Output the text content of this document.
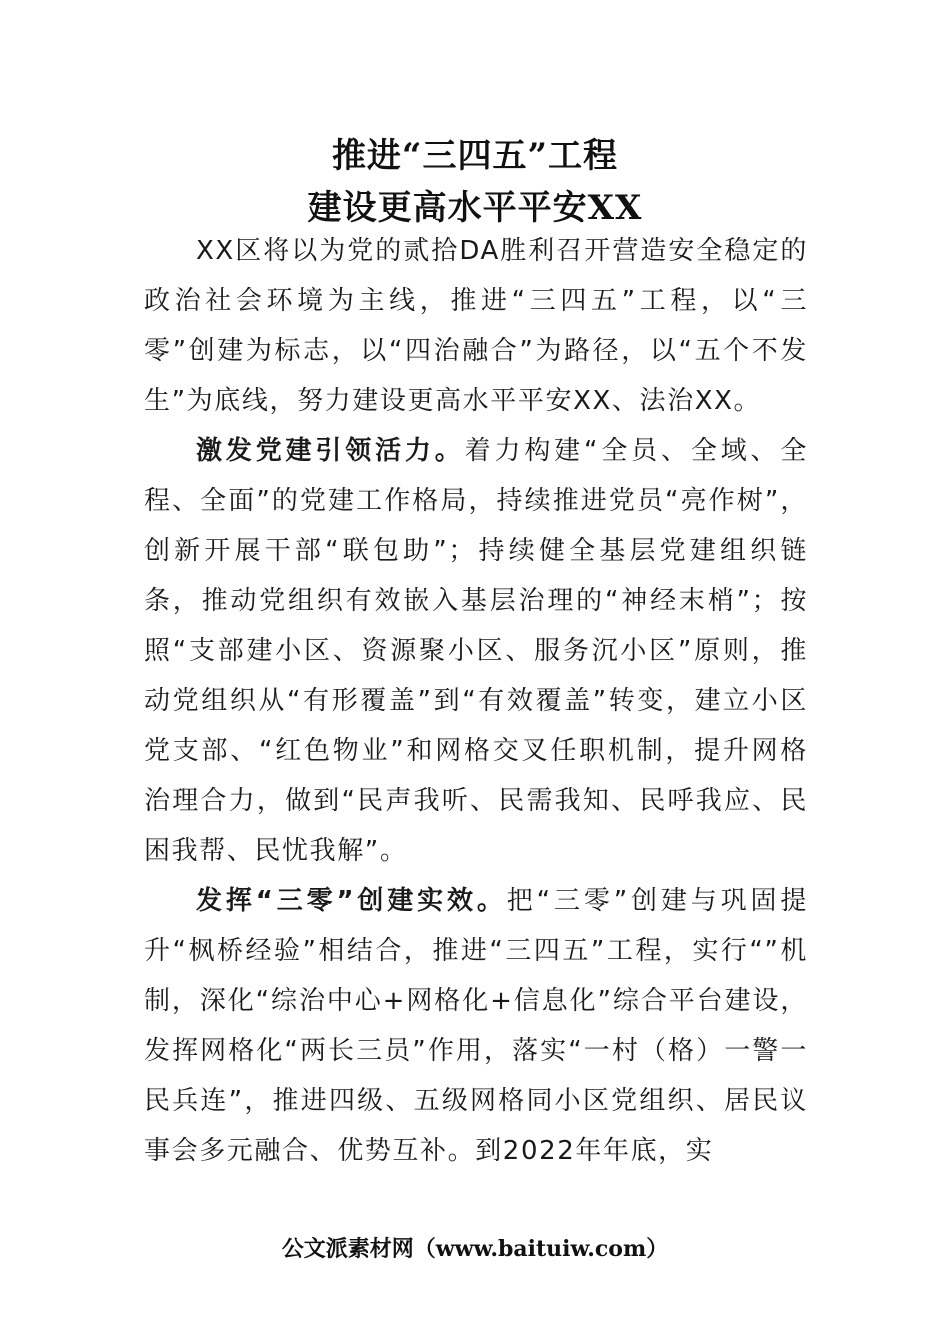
推进“三四五”工程
建设更高水平平安XX

XX区将以为党的贰拾DA胜利召开营造安全稳定的政治社会环境为主线，推进“三四五”工程，以“三零”创建为标志，以“四治融合”为路径，以“五个不发生”为底线，努力建设更高水平平安XX、法治XX。

激发党建引领活力。着力构建“全员、全域、全程、全面”的党建工作格局，持续推进党员“亮作树”，创新开展干部“联包助”；持续健全基层党建组织链条，推动党组织有效嵌入基层治理的“神经末梢”；按照“支部建小区、资源聚小区、服务沉小区”原则，推动党组织从“有形覆盖”到“有效覆盖”转变，建立小区党支部、“红色物业”和网格交叉任职机制，提升网格治理合力，做到“民声我听、民需我知、民呼我应、民困我帮、民忧我解”。

发挥“三零”创建实效。把“三零”创建与巩固提升“枫桥经验”相结合，推进“三四五”工程，实行“”机制，深化“综治中心+网格化+信息化”综合平台建设，发挥网格化“两长三员”作用，落实“一村（格）一警一民兵连”，推进四级、五级网格同小区党组织、居民议事会多元融合、优势互补。到2022年年底，实

公文派素材网（www.baituiw.com）
